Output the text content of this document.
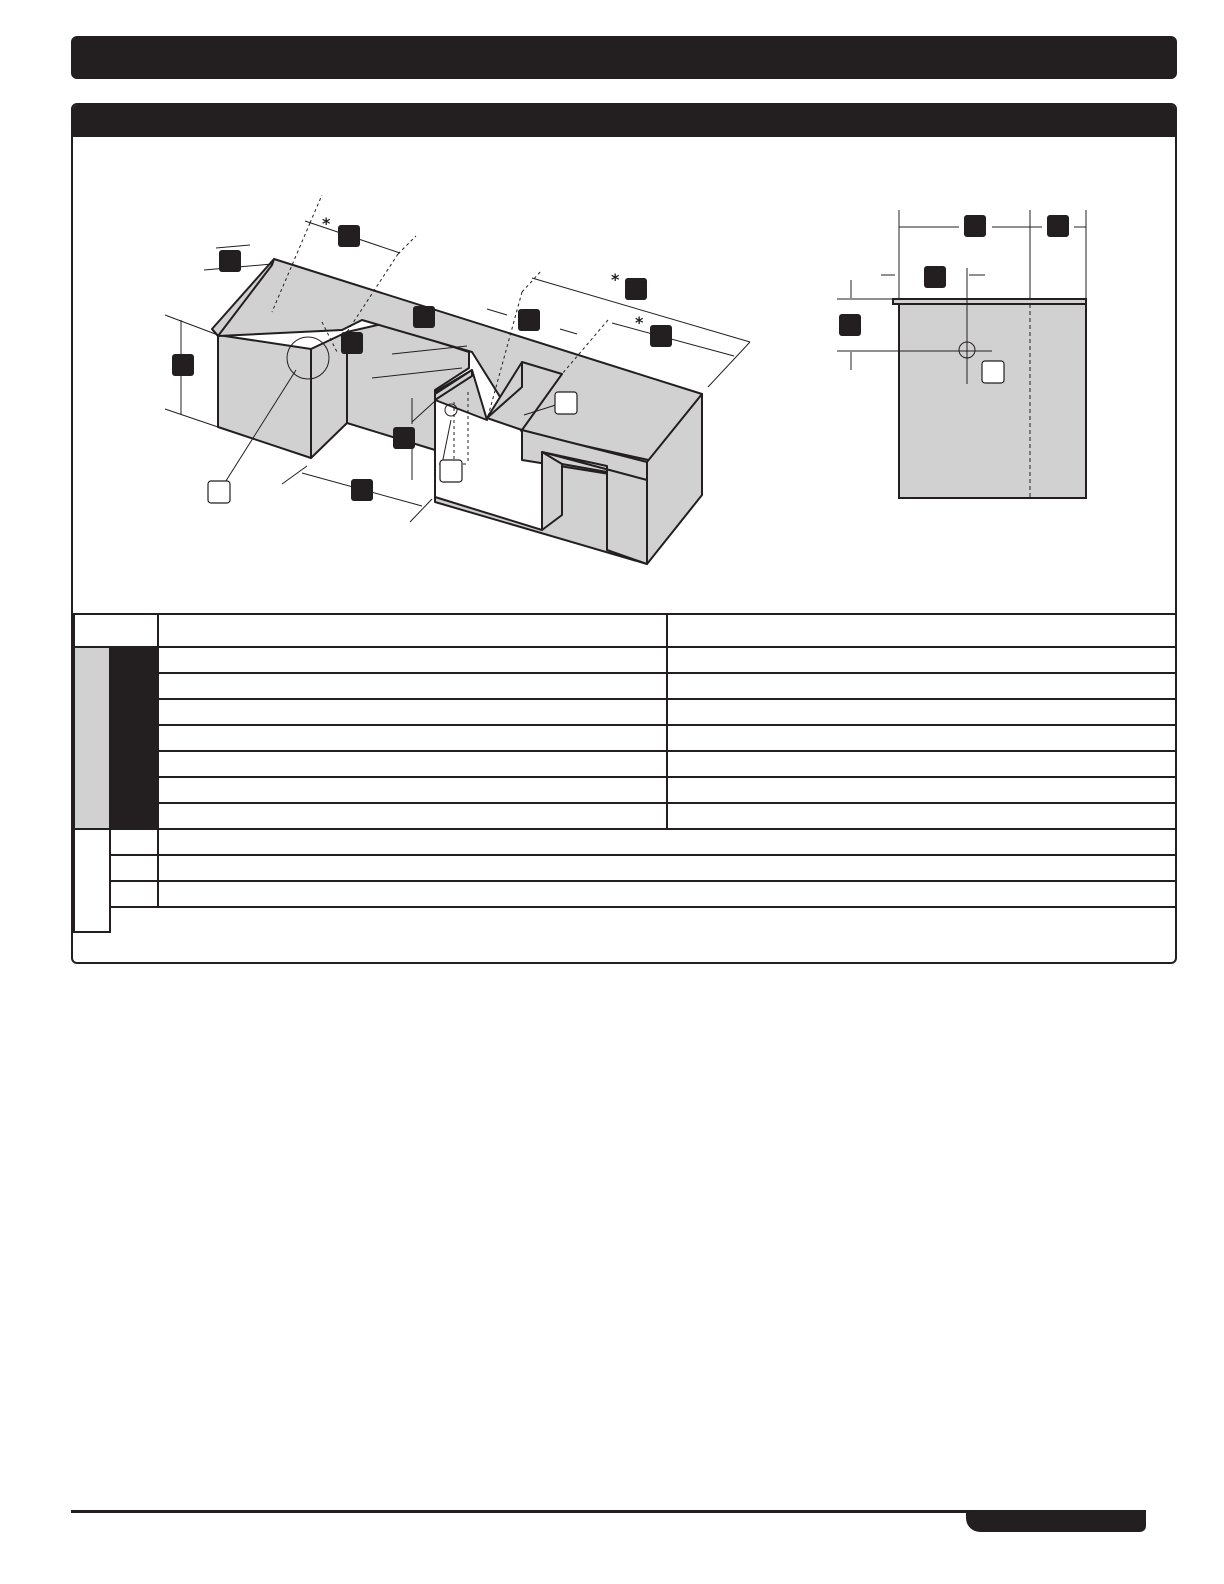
*
*
*
